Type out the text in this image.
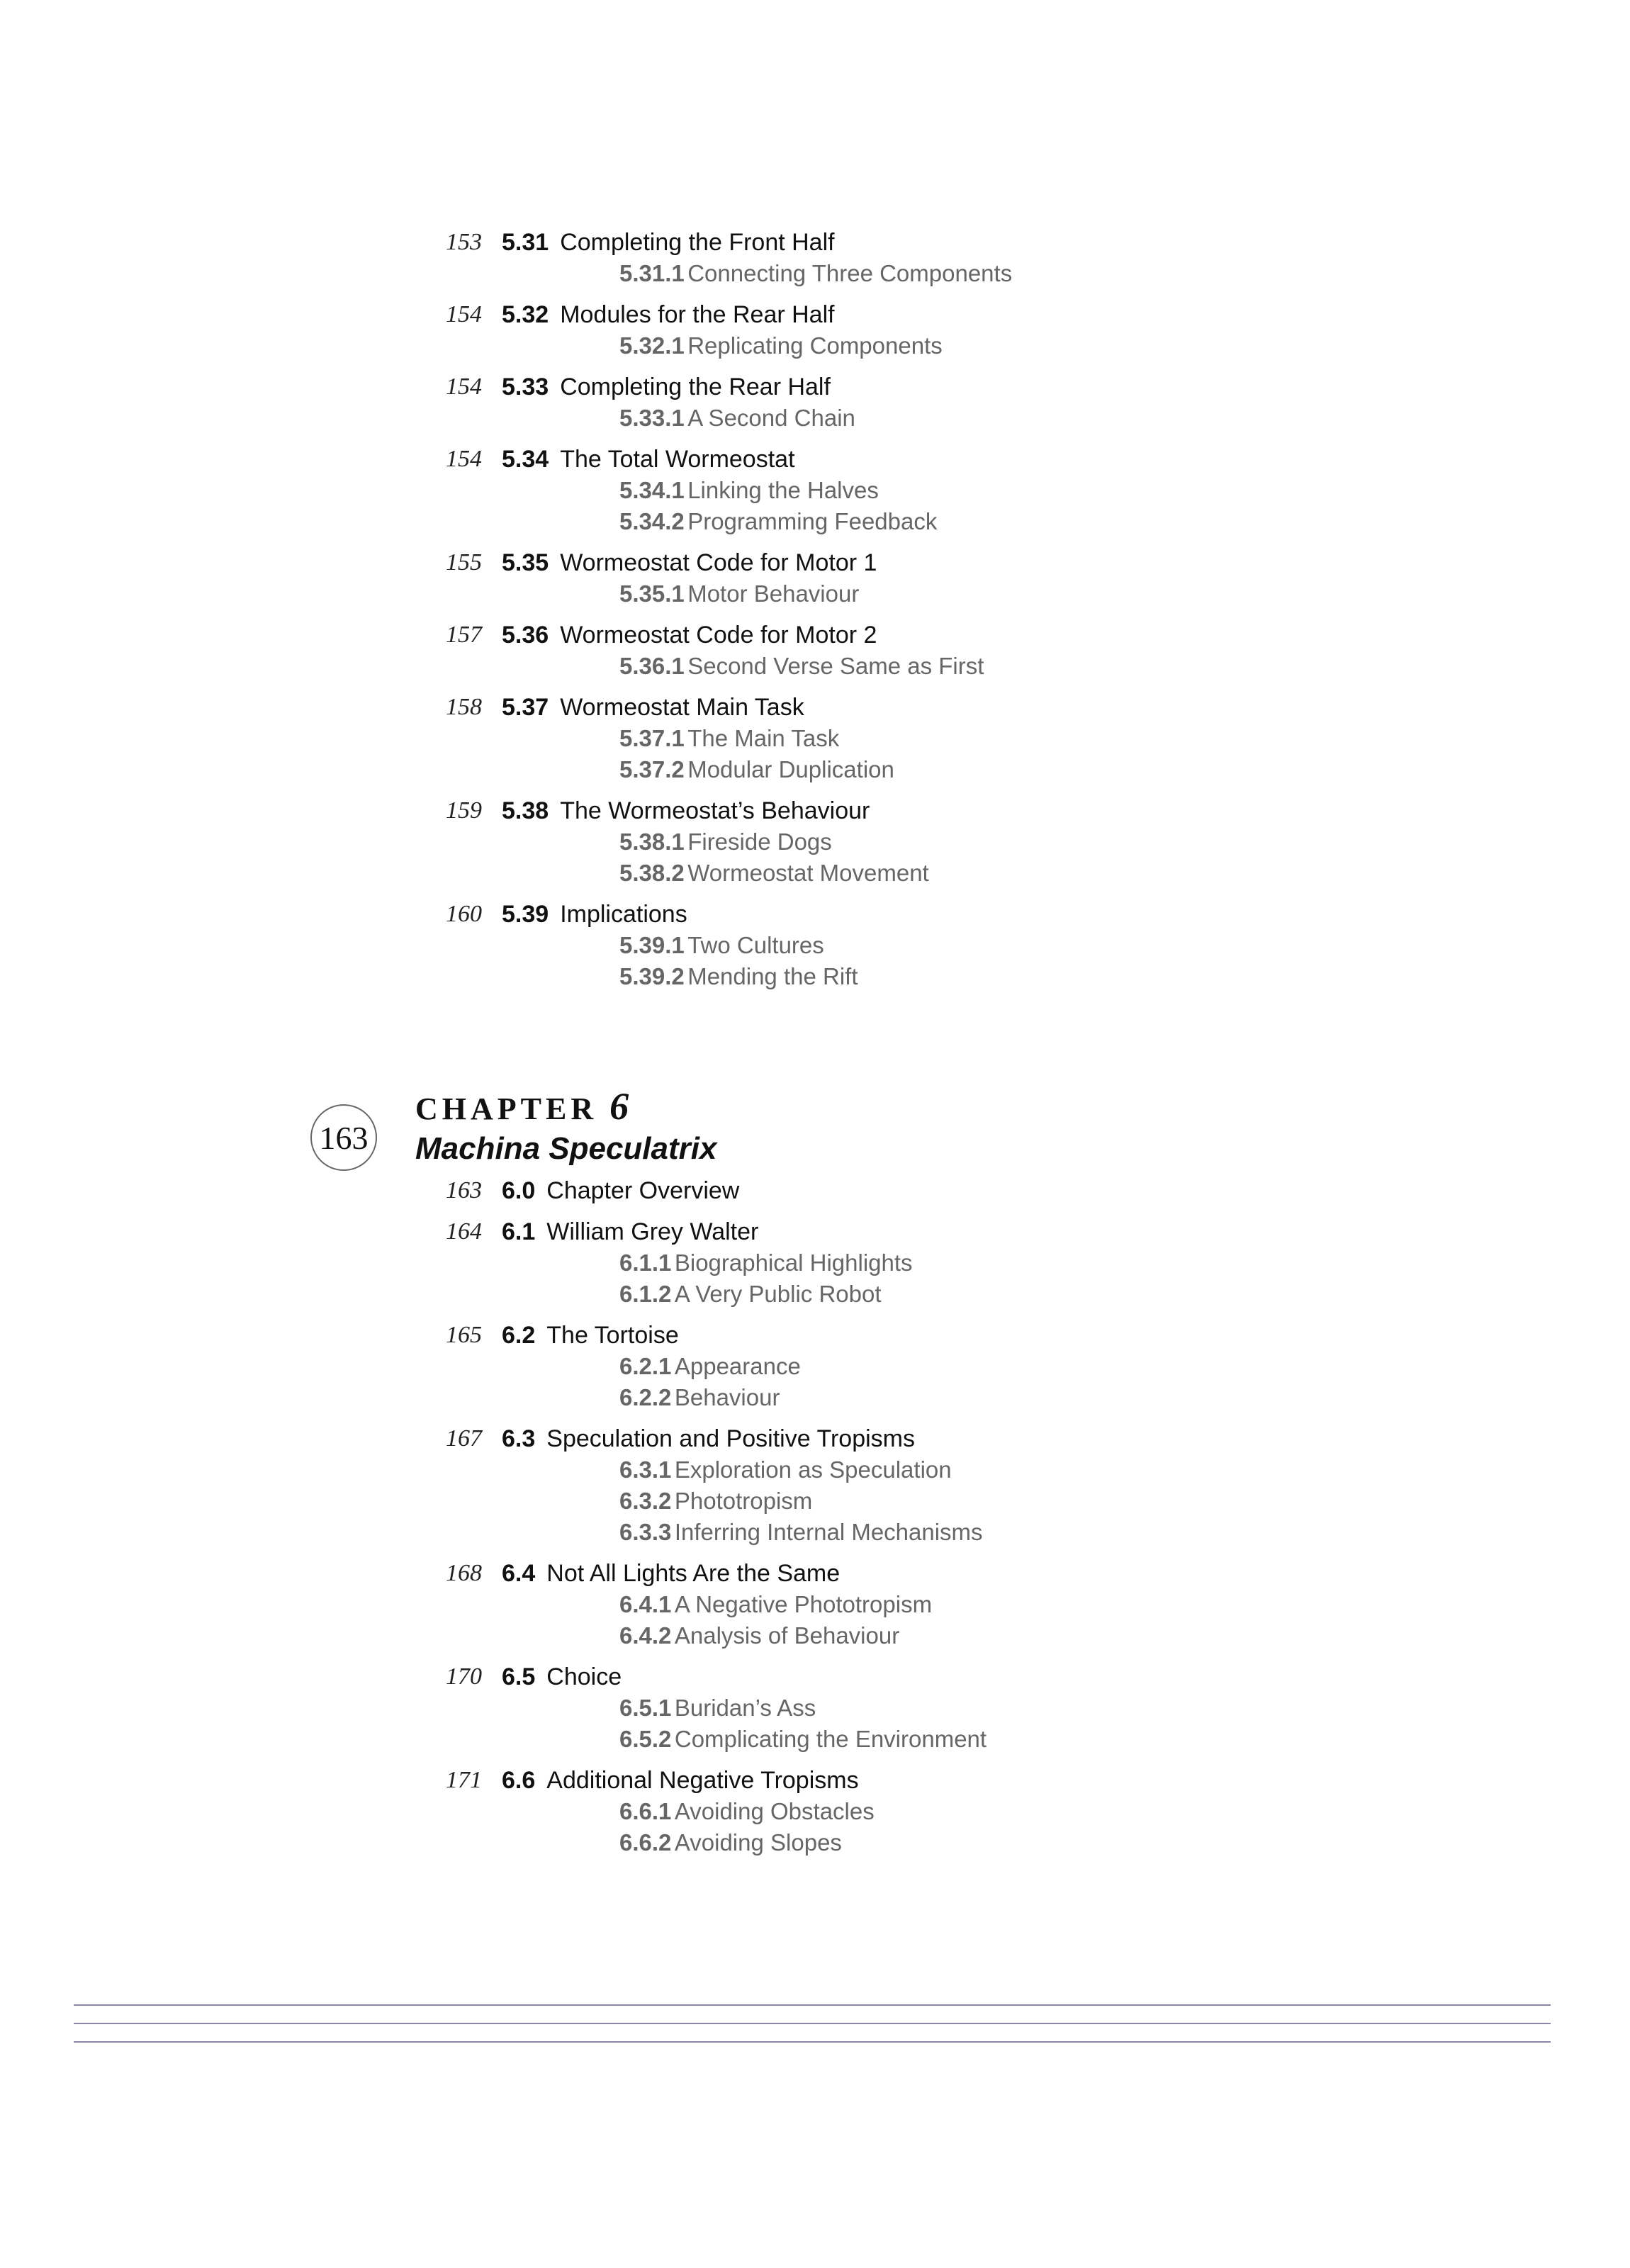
153 5.31 Completing the Front Half
5.31.1 Connecting Three Components
154 5.32 Modules for the Rear Half
5.32.1 Replicating Components
154 5.33 Completing the Rear Half
5.33.1 A Second Chain
154 5.34 The Total Wormeostat
5.34.1 Linking the Halves
5.34.2 Programming Feedback
155 5.35 Wormeostat Code for Motor 1
5.35.1 Motor Behaviour
157 5.36 Wormeostat Code for Motor 2
5.36.1 Second Verse Same as First
158 5.37 Wormeostat Main Task
5.37.1 The Main Task
5.37.2 Modular Duplication
159 5.38 The Wormeostat’s Behaviour
5.38.1 Fireside Dogs
5.38.2 Wormeostat Movement
160 5.39 Implications
5.39.1 Two Cultures
5.39.2 Mending the Rift
163
CHAPTER 6
Machina Speculatrix
163 6.0 Chapter Overview
164 6.1 William Grey Walter
6.1.1 Biographical Highlights
6.1.2 A Very Public Robot
165 6.2 The Tortoise
6.2.1 Appearance
6.2.2 Behaviour
167 6.3 Speculation and Positive Tropisms
6.3.1 Exploration as Speculation
6.3.2 Phototropism
6.3.3 Inferring Internal Mechanisms
168 6.4 Not All Lights Are the Same
6.4.1 A Negative Phototropism
6.4.2 Analysis of Behaviour
170 6.5 Choice
6.5.1 Buridan’s Ass
6.5.2 Complicating the Environment
171 6.6 Additional Negative Tropisms
6.6.1 Avoiding Obstacles
6.6.2 Avoiding Slopes
